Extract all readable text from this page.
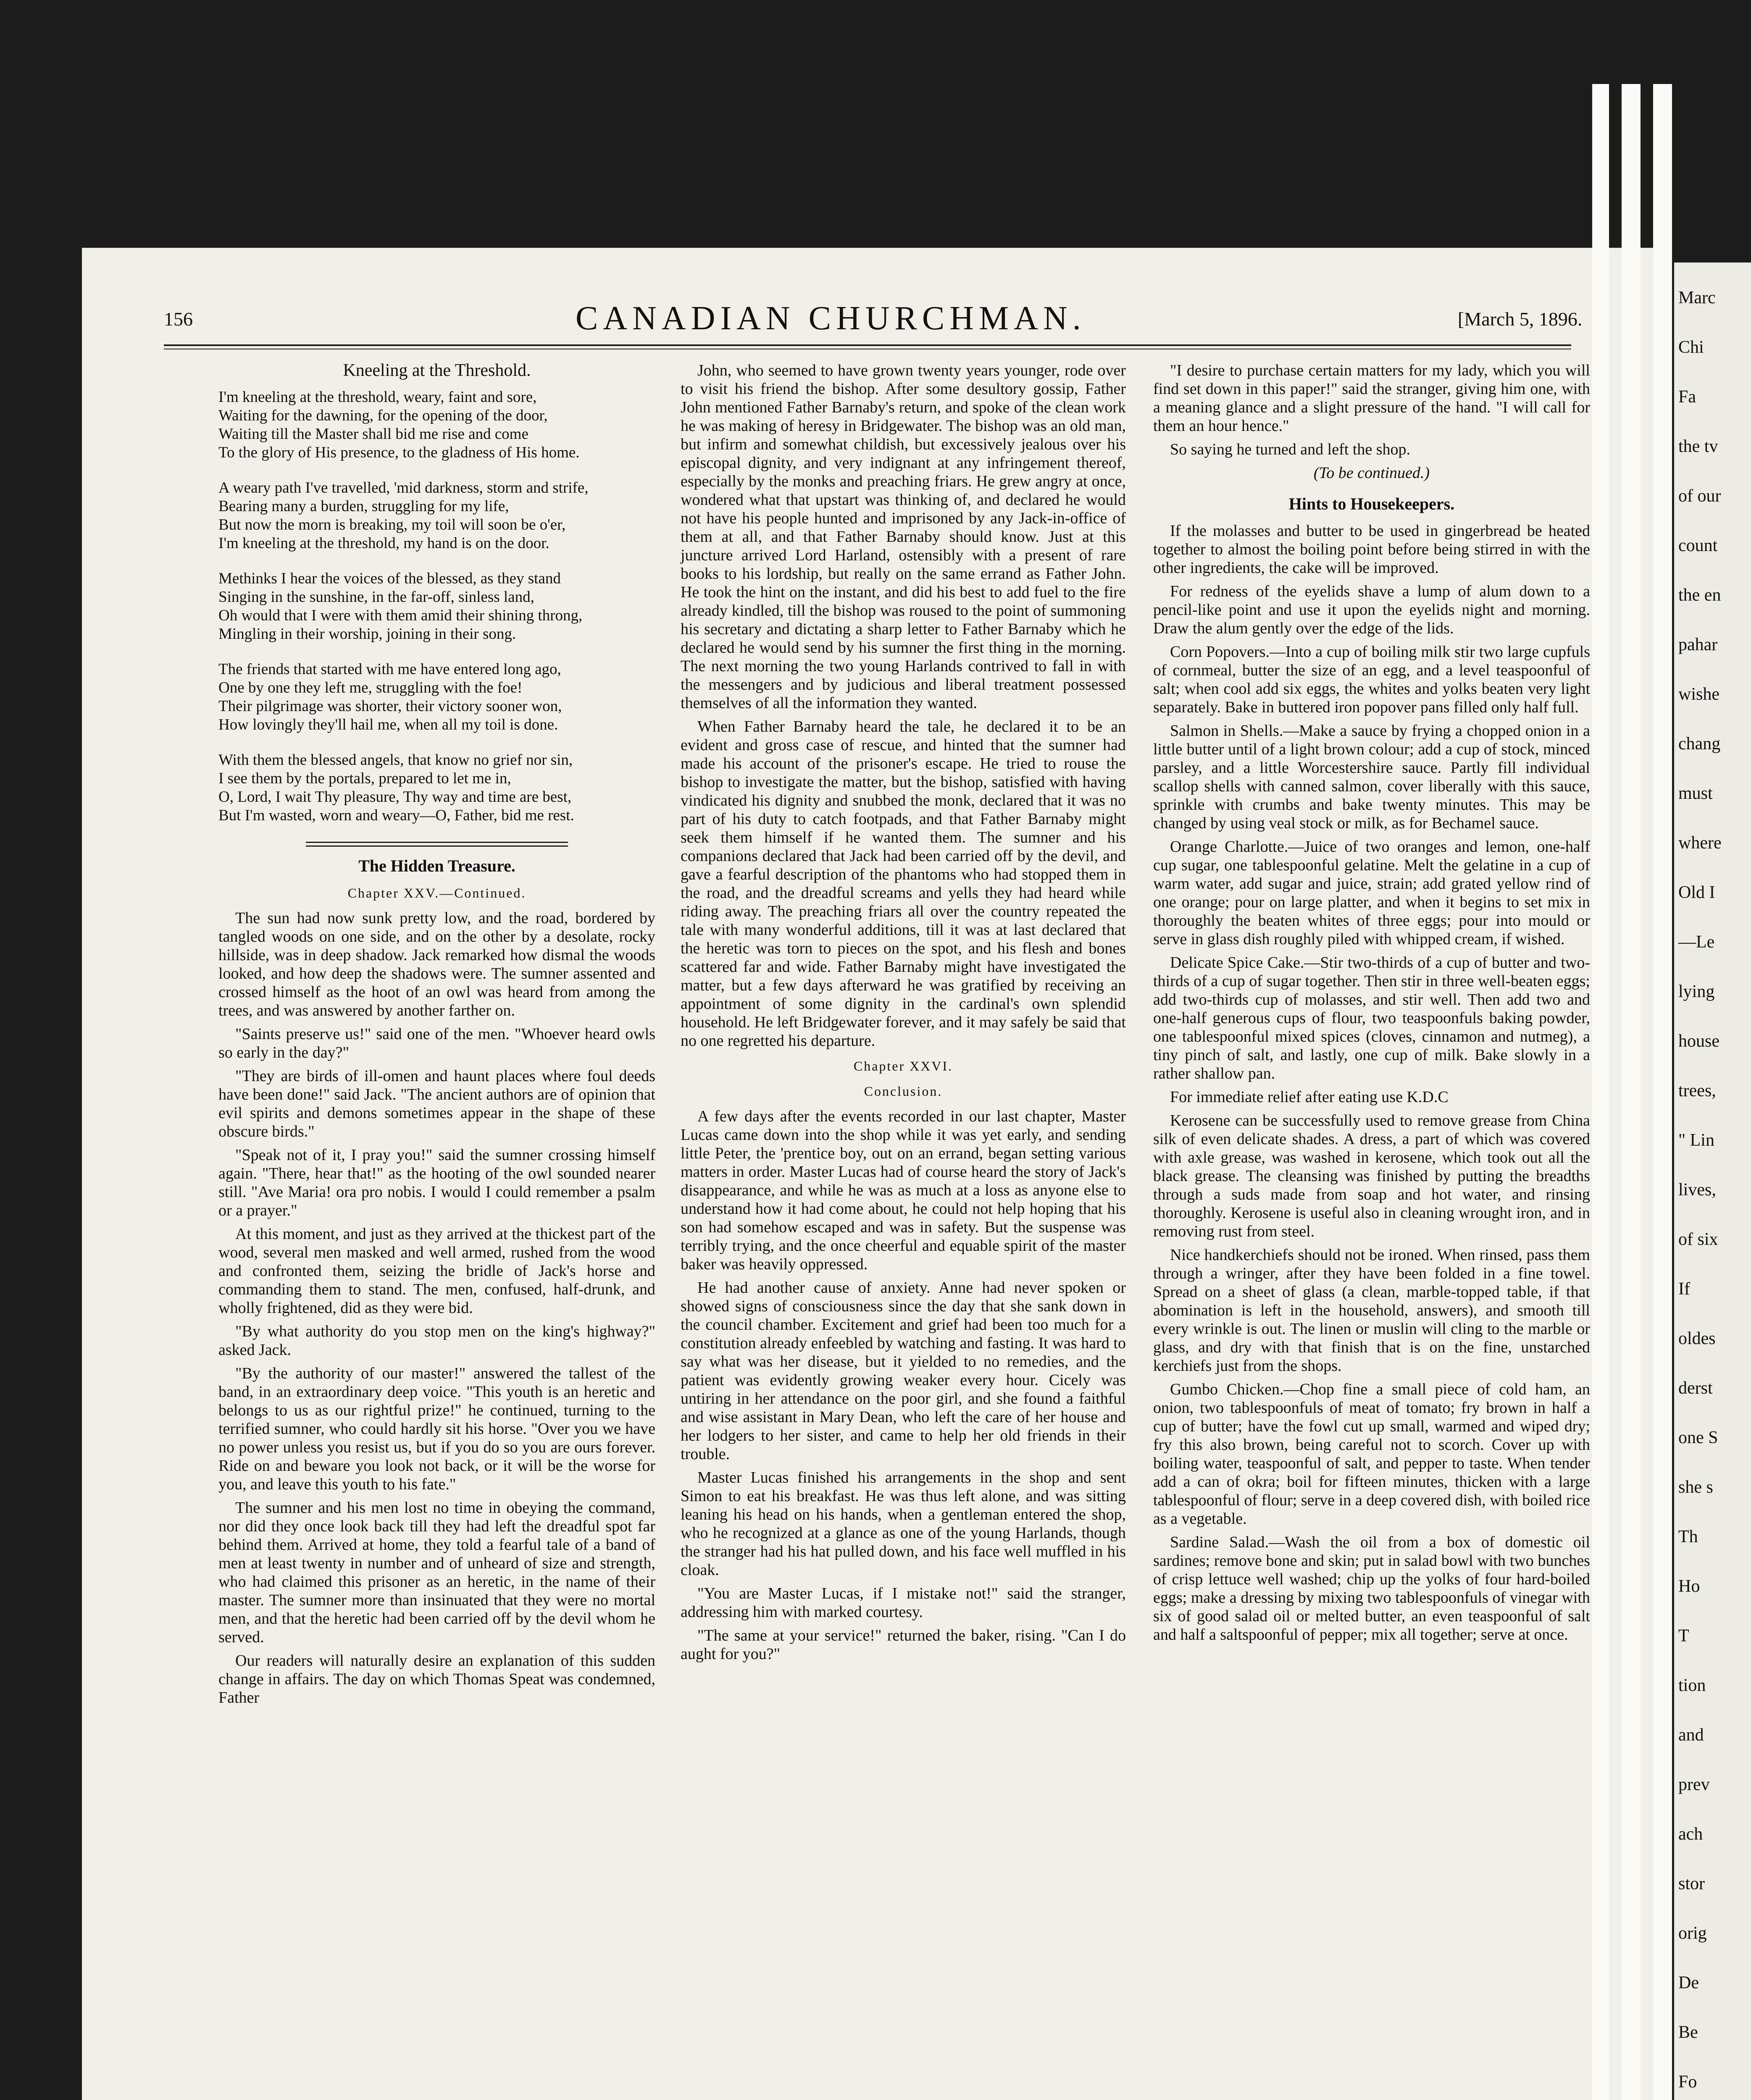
Marc
Chi
Fa
the tv
of our
count
the en
pahar
wishe
chang
must
where
Old I
—Le
lying
house
trees,
" Lin
lives,
of six
If
oldes
derst
one S
she s
Th
Ho
T
tion
and
prev
ach
stor
orig
De
Be
Fo
156	CANADIAN CHURCHMAN.	[March 5, 1896.
Kneeling at the Threshold.
I'm kneeling at the threshold, weary, faint and sore,
Waiting for the dawning, for the opening of the door,
Waiting till the Master shall bid me rise and come
To the glory of His presence, to the gladness of His home.
A weary path I've travelled, 'mid darkness, storm and strife,
Bearing many a burden, struggling for my life,
But now the morn is breaking, my toil will soon be o'er,
I'm kneeling at the threshold, my hand is on the door.
Methinks I hear the voices of the blessed, as they stand
Singing in the sunshine, in the far-off, sinless land,
Oh would that I were with them amid their shining throng,
Mingling in their worship, joining in their song.
The friends that started with me have entered long ago,
One by one they left me, struggling with the foe!
Their pilgrimage was shorter, their victory sooner won,
How lovingly they'll hail me, when all my toil is done.
With them the blessed angels, that know no grief nor sin,
I see them by the portals, prepared to let me in,
O, Lord, I wait Thy pleasure, Thy way and time are best,
But I'm wasted, worn and weary—O, Father, bid me rest.
The Hidden Treasure.
Chapter XXV.—Continued.

The sun had now sunk pretty low, and the road, bordered by tangled woods on one side, and on the other by a desolate, rocky hillside, was in deep shadow. Jack remarked how dismal the woods looked, and how deep the shadows were. The sumner assented and crossed himself as the hoot of an owl was heard from among the trees, and was answered by another farther on.

"Saints preserve us!" said one of the men. "Whoever heard owls so early in the day?"

"They are birds of ill-omen and haunt places where foul deeds have been done!" said Jack. "The ancient authors are of opinion that evil spirits and demons sometimes appear in the shape of these obscure birds."

"Speak not of it, I pray you!" said the sumner crossing himself again. "There, hear that!" as the hooting of the owl sounded nearer still. "Ave Maria! ora pro nobis. I would I could remember a psalm or a prayer."

At this moment, and just as they arrived at the thickest part of the wood, several men masked and well armed, rushed from the wood and confronted them, seizing the bridle of Jack's horse and commanding them to stand. The men, confused, half-drunk, and wholly frightened, did as they were bid.

"By what authority do you stop men on the king's highway?" asked Jack.

"By the authority of our master!" answered the tallest of the band, in an extraordinary deep voice. "This youth is an heretic and belongs to us as our rightful prize!" he continued, turning to the terrified sumner, who could hardly sit his horse. "Over you we have no power unless you resist us, but if you do so you are ours forever. Ride on and beware you look not back, or it will be the worse for you, and leave this youth to his fate."

The sumner and his men lost no time in obeying the command, nor did they once look back till they had left the dreadful spot far behind them. Arrived at home, they told a fearful tale of a band of men at least twenty in number and of unheard of size and strength, who had claimed this prisoner as an heretic, in the name of their master. The sumner more than insinuated that they were no mortal men, and that the heretic had been carried off by the devil whom he served.

Our readers will naturally desire an explanation of this sudden change in affairs. The day on which Thomas Speat was condemned, Father

John, who seemed to have grown twenty years younger, rode over to visit his friend the bishop. After some desultory gossip, Father John mentioned Father Barnaby's return, and spoke of the clean work he was making of heresy in Bridgewater. The bishop was an old man, but infirm and somewhat childish, but excessively jealous over his episcopal dignity, and very indignant at any infringement thereof, especially by the monks and preaching friars. He grew angry at once, wondered what that upstart was thinking of, and declared he would not have his people hunted and imprisoned by any Jack-in-office of them at all, and that Father Barnaby should know. Just at this juncture arrived Lord Harland, ostensibly with a present of rare books to his lordship, but really on the same errand as Father John. He took the hint on the instant, and did his best to add fuel to the fire already kindled, till the bishop was roused to the point of summoning his secretary and dictating a sharp letter to Father Barnaby which he declared he would send by his sumner the first thing in the morning. The next morning the two young Harlands contrived to fall in with the messengers and by judicious and liberal treatment possessed themselves of all the information they wanted.

When Father Barnaby heard the tale, he declared it to be an evident and gross case of rescue, and hinted that the sumner had made his account of the prisoner's escape. He tried to rouse the bishop to investigate the matter, but the bishop, satisfied with having vindicated his dignity and snubbed the monk, declared that it was no part of his duty to catch footpads, and that Father Barnaby might seek them himself if he wanted them. The sumner and his companions declared that Jack had been carried off by the devil, and gave a fearful description of the phantoms who had stopped them in the road, and the dreadful screams and yells they had heard while riding away. The preaching friars all over the country repeated the tale with many wonderful additions, till it was at last declared that the heretic was torn to pieces on the spot, and his flesh and bones scattered far and wide. Father Barnaby might have investigated the matter, but a few days afterward he was gratified by receiving an appointment of some dignity in the cardinal's own splendid household. He left Bridgewater forever, and it may safely be said that no one regretted his departure.

Chapter XXVI.
Conclusion.

A few days after the events recorded in our last chapter, Master Lucas came down into the shop while it was yet early, and sending little Peter, the 'prentice boy, out on an errand, began setting various matters in order. Master Lucas had of course heard the story of Jack's disappearance, and while he was as much at a loss as anyone else to understand how it had come about, he could not help hoping that his son had somehow escaped and was in safety. But the suspense was terribly trying, and the once cheerful and equable spirit of the master baker was heavily oppressed.

He had another cause of anxiety. Anne had never spoken or showed signs of consciousness since the day that she sank down in the council chamber. Excitement and grief had been too much for a constitution already enfeebled by watching and fasting. It was hard to say what was her disease, but it yielded to no remedies, and the patient was evidently growing weaker every hour. Cicely was untiring in her attendance on the poor girl, and she found a faithful and wise assistant in Mary Dean, who left the care of her house and her lodgers to her sister, and came to help her old friends in their trouble.

Master Lucas finished his arrangements in the shop and sent Simon to eat his breakfast. He was thus left alone, and was sitting leaning his head on his hands, when a gentleman entered the shop, who he recognized at a glance as one of the young Harlands, though the stranger had his hat pulled down, and his face well muffled in his cloak.

"You are Master Lucas, if I mistake not!" said the stranger, addressing him with marked courtesy.

"The same at your service!" returned the baker, rising. "Can I do aught for you?"

"I desire to purchase certain matters for my lady, which you will find set down in this paper!" said the stranger, giving him one, with a meaning glance and a slight pressure of the hand. "I will call for them an hour hence."

So saying he turned and left the shop.

(To be continued.)
Hints to Housekeepers.

If the molasses and butter to be used in gingerbread be heated together to almost the boiling point before being stirred in with the other ingredients, the cake will be improved.

For redness of the eyelids shave a lump of alum down to a pencil-like point and use it upon the eyelids night and morning. Draw the alum gently over the edge of the lids.

Corn Popovers.—Into a cup of boiling milk stir two large cupfuls of cornmeal, butter the size of an egg, and a level teaspoonful of salt; when cool add six eggs, the whites and yolks beaten very light separately. Bake in buttered iron popover pans filled only half full.

Salmon in Shells.—Make a sauce by frying a chopped onion in a little butter until of a light brown colour; add a cup of stock, minced parsley, and a little Worcestershire sauce. Partly fill individual scallop shells with canned salmon, cover liberally with this sauce, sprinkle with crumbs and bake twenty minutes. This may be changed by using veal stock or milk, as for Bechamel sauce.

Orange Charlotte.—Juice of two oranges and lemon, one-half cup sugar, one tablespoonful gelatine. Melt the gelatine in a cup of warm water, add sugar and juice, strain; add grated yellow rind of one orange; pour on large platter, and when it begins to set mix in thoroughly the beaten whites of three eggs; pour into mould or serve in glass dish roughly piled with whipped cream, if wished.

Delicate Spice Cake.—Stir two-thirds of a cup of butter and two-thirds of a cup of sugar together. Then stir in three well-beaten eggs; add two-thirds cup of molasses, and stir well. Then add two and one-half generous cups of flour, two teaspoonfuls baking powder, one tablespoonful mixed spices (cloves, cinnamon and nutmeg), a tiny pinch of salt, and lastly, one cup of milk. Bake slowly in a rather shallow pan.

For immediate relief after eating use K.D.C

Kerosene can be successfully used to remove grease from China silk of even delicate shades. A dress, a part of which was covered with axle grease, was washed in kerosene, which took out all the black grease. The cleansing was finished by putting the breadths through a suds made from soap and hot water, and rinsing thoroughly. Kerosene is useful also in cleaning wrought iron, and in removing rust from steel.

Nice handkerchiefs should not be ironed. When rinsed, pass them through a wringer, after they have been folded in a fine towel. Spread on a sheet of glass (a clean, marble-topped table, if that abomination is left in the household, answers), and smooth till every wrinkle is out. The linen or muslin will cling to the marble or glass, and dry with that finish that is on the fine, unstarched kerchiefs just from the shops.

Gumbo Chicken.—Chop fine a small piece of cold ham, an onion, two tablespoonfuls of meat of tomato; fry brown in half a cup of butter; have the fowl cut up small, warmed and wiped dry; fry this also brown, being careful not to scorch. Cover up with boiling water, teaspoonful of salt, and pepper to taste. When tender add a can of okra; boil for fifteen minutes, thicken with a large tablespoonful of flour; serve in a deep covered dish, with boiled rice as a vegetable.

Sardine Salad.—Wash the oil from a box of domestic oil sardines; remove bone and skin; put in salad bowl with two bunches of crisp lettuce well washed; chip up the yolks of four hard-boiled eggs; make a dressing by mixing two tablespoonfuls of vinegar with six of good salad oil or melted butter, an even teaspoonful of salt and half a saltspoonful of pepper; mix all together; serve at once.
